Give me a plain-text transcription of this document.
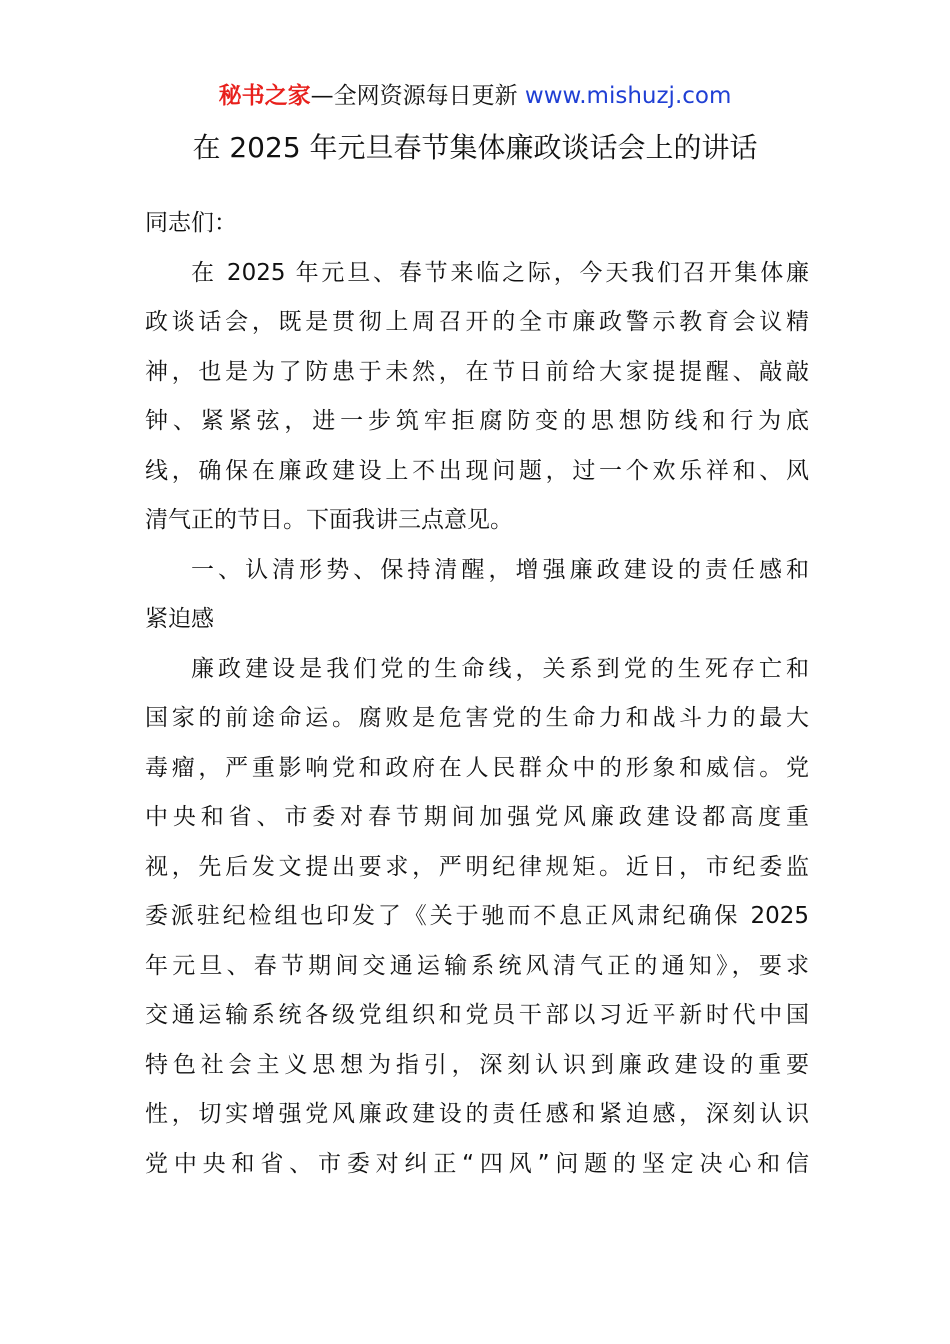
秘书之家—全网资源每日更新 www.mishuzj.com
在 2025 年元旦春节集体廉政谈话会上的讲话

同志们：

在 2025 年元旦、春节来临之际，今天我们召开集体廉
政谈话会，既是贯彻上周召开的全市廉政警示教育会议精
神，也是为了防患于未然，在节日前给大家提提醒、敲敲
钟、紧紧弦，进一步筑牢拒腐防变的思想防线和行为底
线，确保在廉政建设上不出现问题，过一个欢乐祥和、风
清气正的节日。下面我讲三点意见。

一、认清形势、保持清醒，增强廉政建设的责任感和
紧迫感

廉政建设是我们党的生命线，关系到党的生死存亡和
国家的前途命运。腐败是危害党的生命力和战斗力的最大
毒瘤，严重影响党和政府在人民群众中的形象和威信。党
中央和省、市委对春节期间加强党风廉政建设都高度重
视，先后发文提出要求，严明纪律规矩。近日，市纪委监
委派驻纪检组也印发了《关于驰而不息正风肃纪确保 2025
年元旦、春节期间交通运输系统风清气正的通知》，要求
交通运输系统各级党组织和党员干部以习近平新时代中国
特色社会主义思想为指引，深刻认识到廉政建设的重要
性，切实增强党风廉政建设的责任感和紧迫感，深刻认识
党中央和省、市委对纠正“四风”问题的坚定决心和信
